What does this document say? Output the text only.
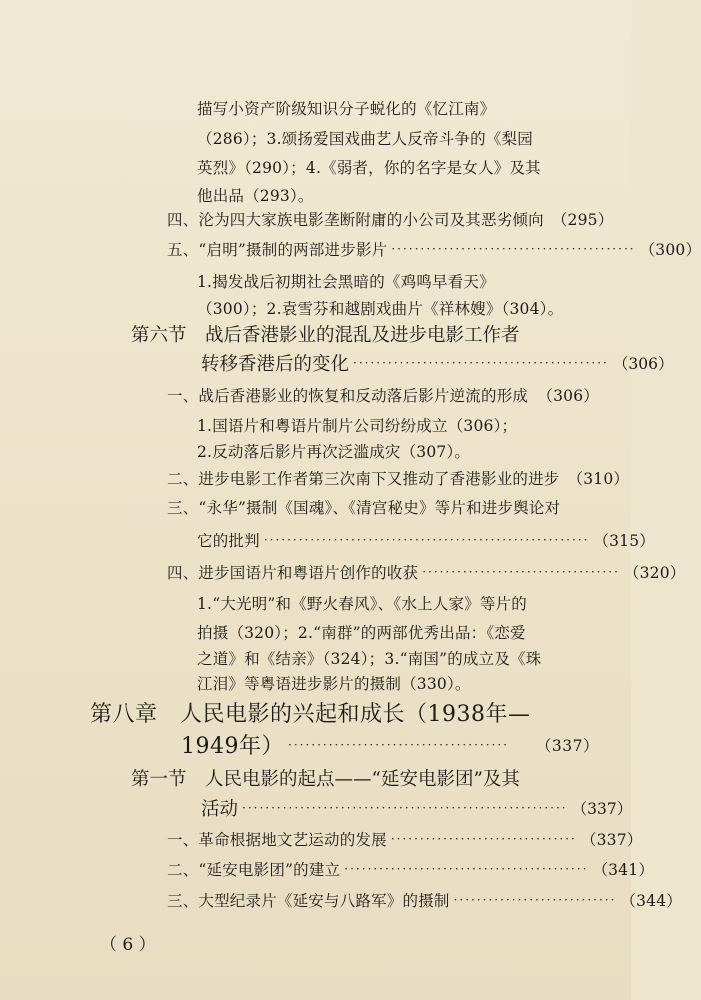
描写小资产阶级知识分子蜕化的《忆江南》
（286）；3.颂扬爱国戏曲艺人反帝斗争的《梨园
英烈》（290）；4.《弱者，你的名字是女人》及其
他出品（293）。
四、沦为四大家族电影垄断附庸的小公司及其恶劣倾向 （295）
五、“启明”摄制的两部进步影片 ·········································· （300）
1.揭发战后初期社会黑暗的《鸡鸣早看天》
（300）；2.袁雪芬和越剧戏曲片《祥林嫂》（304）。
第六节　战后香港影业的混乱及进步电影工作者
转移香港后的变化 ············································ （306）
一、战后香港影业的恢复和反动落后影片逆流的形成 （306）
1.国语片和粤语片制片公司纷纷成立（306）；
2.反动落后影片再次泛滥成灾（307）。
二、进步电影工作者第三次南下又推动了香港影业的进步 （310）
三、“永华”摄制《国魂》、《清宫秘史》等片和进步舆论对
它的批判 ························································ （315）
四、进步国语片和粤语片创作的收获 ·································· （320）
1.“大光明”和《野火春风》、《水上人家》等片的
拍摄（320）；2.“南群”的两部优秀出品：《恋爱
之道》和《结亲》（324）；3.“南国”的成立及《珠
江泪》等粤语进步影片的摄制（330）。
第八章　人民电影的兴起和成长（1938年—
1949年） ······································	（337）
第一节　人民电影的起点——“延安电影团”及其
活动 ························································ （337）
一、革命根据地文艺运动的发展 ································ （337）
二、“延安电影团”的建立 ·········································· （341）
三、大型纪录片《延安与八路军》的摄制 ···························· （344）
（ 6 ）
